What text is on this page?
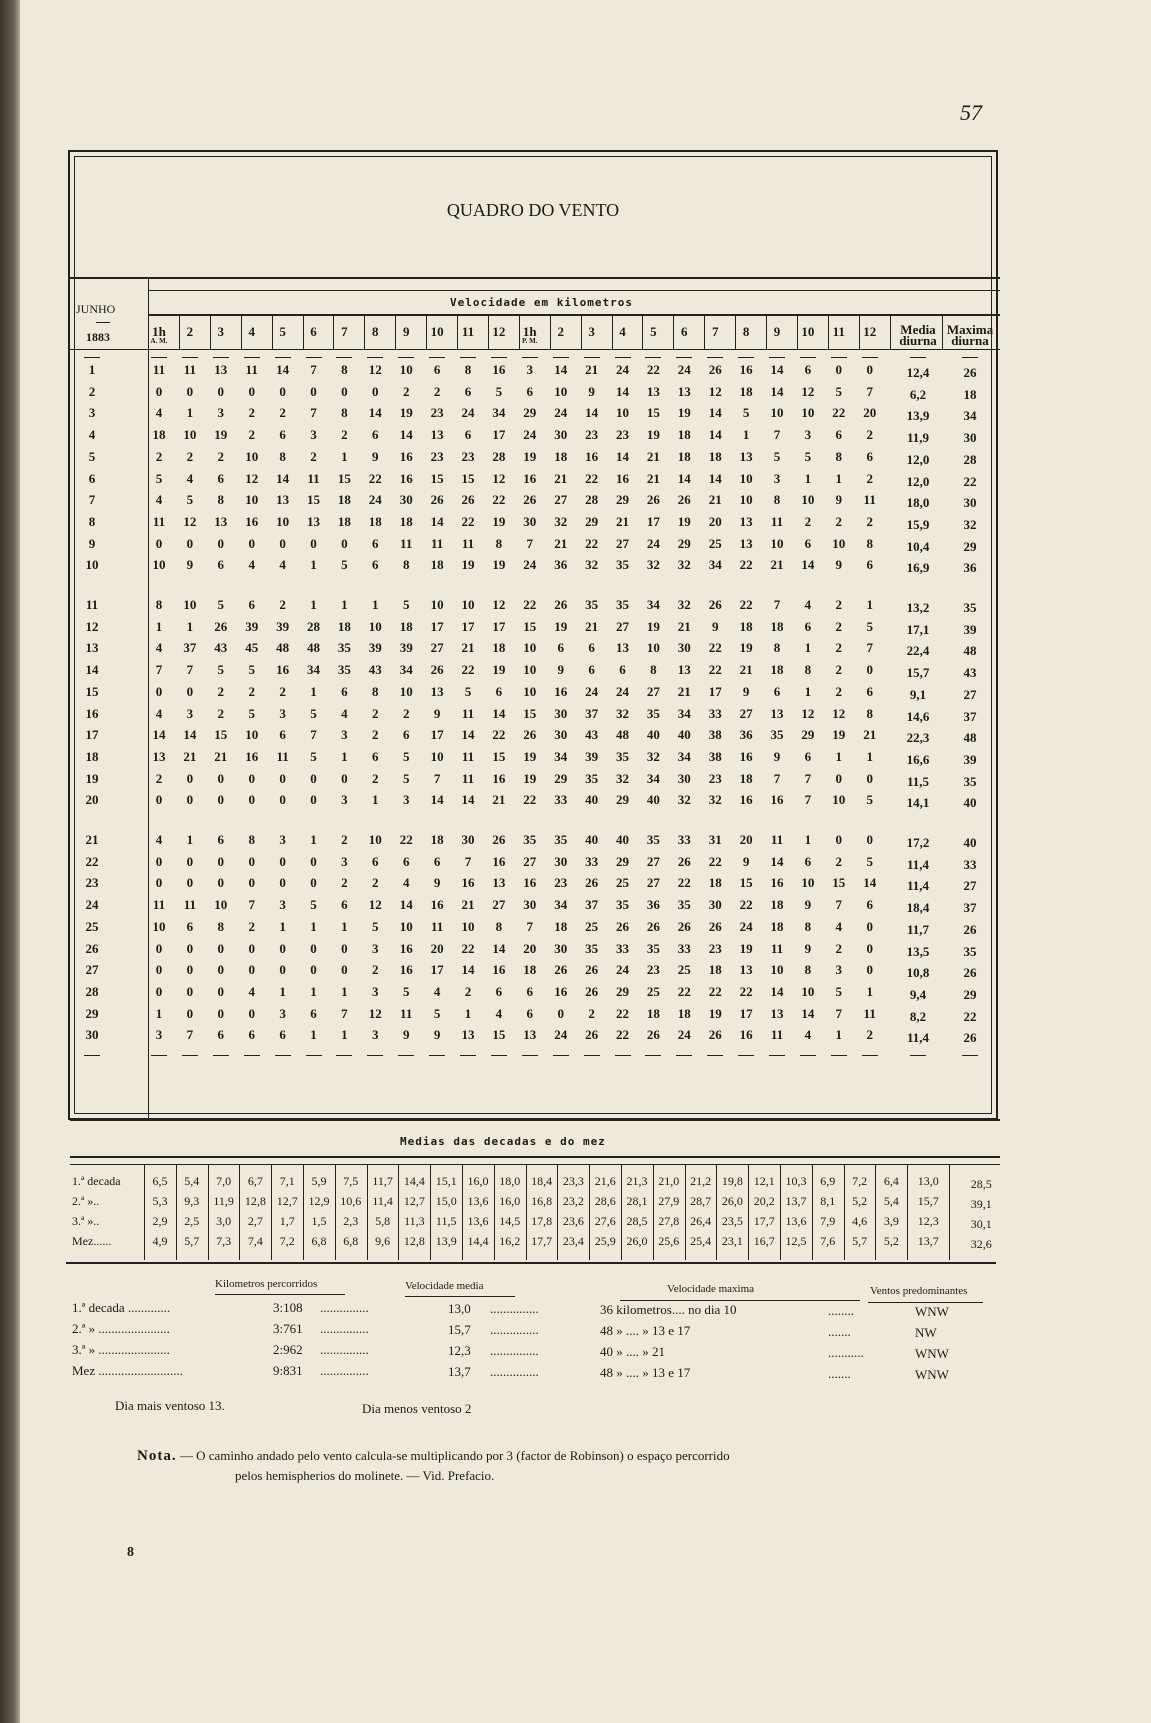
57
8
QUADRO DO VENTO
JUNHO
1883
Velocidade em kilometros
1h	2	3	4	5	6	7	8	9	10	11	12	1h	2	3	4	5	6	7	8	9	10	11	12
A. M.	P. M.
Media
diurna
Maxima
diurna
1	11	11	13	11	14	7	8	12	10	6	8	16	3	14	21	24	22	24	26	16	14	6	0	0	12,4	26
2	0	0	0	0	0	0	0	0	2	2	6	5	6	10	9	14	13	13	12	18	14	12	5	7	6,2	18
3	4	1	3	2	2	7	8	14	19	23	24	34	29	24	14	10	15	19	14	5	10	10	22	20	13,9	34
4	18	10	19	2	6	3	2	6	14	13	6	17	24	30	23	23	19	18	14	1	7	3	6	2	11,9	30
5	2	2	2	10	8	2	1	9	16	23	23	28	19	18	16	14	21	18	18	13	5	5	8	6	12,0	28
6	5	4	6	12	14	11	15	22	16	15	15	12	16	21	22	16	21	14	14	10	3	1	1	2	12,0	22
7	4	5	8	10	13	15	18	24	30	26	26	22	26	27	28	29	26	26	21	10	8	10	9	11	18,0	30
8	11	12	13	16	10	13	18	18	18	14	22	19	30	32	29	21	17	19	20	13	11	2	2	2	15,9	32
9	0	0	0	0	0	0	0	6	11	11	11	8	7	21	22	27	24	29	25	13	10	6	10	8	10,4	29
10	10	9	6	4	4	1	5	6	8	18	19	19	24	36	32	35	32	32	34	22	21	14	9	6	16,9	36
11	8	10	5	6	2	1	1	1	5	10	10	12	22	26	35	35	34	32	26	22	7	4	2	1	13,2	35
12	1	1	26	39	39	28	18	10	18	17	17	17	15	19	21	27	19	21	9	18	18	6	2	5	17,1	39
13	4	37	43	45	48	48	35	39	39	27	21	18	10	6	6	13	10	30	22	19	8	1	2	7	22,4	48
14	7	7	5	5	16	34	35	43	34	26	22	19	10	9	6	6	8	13	22	21	18	8	2	0	15,7	43
15	0	0	2	2	2	1	6	8	10	13	5	6	10	16	24	24	27	21	17	9	6	1	2	6	9,1	27
16	4	3	2	5	3	5	4	2	2	9	11	14	15	30	37	32	35	34	33	27	13	12	12	8	14,6	37
17	14	14	15	10	6	7	3	2	6	17	14	22	26	30	43	48	40	40	38	36	35	29	19	21	22,3	48
18	13	21	21	16	11	5	1	6	5	10	11	15	19	34	39	35	32	34	38	16	9	6	1	1	16,6	39
19	2	0	0	0	0	0	0	2	5	7	11	16	19	29	35	32	34	30	23	18	7	7	0	0	11,5	35
20	0	0	0	0	0	0	3	1	3	14	14	21	22	33	40	29	40	32	32	16	16	7	10	5	14,1	40
21	4	1	6	8	3	1	2	10	22	18	30	26	35	35	40	40	35	33	31	20	11	1	0	0	17,2	40
22	0	0	0	0	0	0	3	6	6	6	7	16	27	30	33	29	27	26	22	9	14	6	2	5	11,4	33
23	0	0	0	0	0	0	2	2	4	9	16	13	16	23	26	25	27	22	18	15	16	10	15	14	11,4	27
24	11	11	10	7	3	5	6	12	14	16	21	27	30	34	37	35	36	35	30	22	18	9	7	6	18,4	37
25	10	6	8	2	1	1	1	5	10	11	10	8	7	18	25	26	26	26	26	24	18	8	4	0	11,7	26
26	0	0	0	0	0	0	0	3	16	20	22	14	20	30	35	33	35	33	23	19	11	9	2	0	13,5	35
27	0	0	0	0	0	0	0	2	16	17	14	16	18	26	26	24	23	25	18	13	10	8	3	0	10,8	26
28	0	0	0	4	1	1	1	3	5	4	2	6	6	16	26	29	25	22	22	22	14	10	5	1	9,4	29
29	1	0	0	0	3	6	7	12	11	5	1	4	6	0	2	22	18	18	19	17	13	14	7	11	8,2	22
30	3	7	6	6	6	1	1	3	9	9	13	15	13	24	26	22	26	24	26	16	11	4	1	2	11,4	26
Medias das decadas e do mez
Dia mais ventoso 13.	Dia menos ventoso 2
Nota. — O caminho andado pelo vento calcula-se multiplicando por 3 (factor de Robinson) o espaço percorrido
pelos hemispherios do molinete. — Vid. Prefacio.
1.ª decada	6,5	5,4	7,0	6,7	7,1	5,9	7,5	11,7 14,4 15,1 16,0 18,0 18,4 23,3 21,6 21,3 21,0 21,2 19,8 12,1 10,3	6,9	7,2	6,4	13,0	28,5
2.ª »..	5,3	9,3	11,9 12,8 12,7 12,9 10,6 11,4 12,7 15,0 13,6 16,0 16,8 23,2 28,6 28,1 27,9 28,7 26,0 20,2 13,7	8,1	5,2	5,4	15,7	39,1
3.ª »..	2,9	2,5	3,0	2,7	1,7	1,5	2,3	5,8	11,3 11,5 13,6 14,5 17,8 23,6 27,6 28,5 27,8 26,4 23,5 17,7 13,6	7,9	4,6	3,9	12,3	30,1
Mez......	4,9	5,7	7,3	7,4	7,2	6,8	6,8	9,6	12,8 13,9 14,4 16,2 17,7 23,4 25,9 26,0 25,6 25,4 23,1 16,7 12,5	7,6	5,7	5,2	13,7	32,6
Kilometros percorridos	Velocidade media	Velocidade maxima	Ventos predominantes
1.ª decada .............	3:108 ...............	13,0 ...............	36 kilometros.... no dia 10	........	WNW
2.ª » ......................	3:761 ...............	15,7 ...............	48 » .... » 13 e 17	.......	NW
3.ª » ......................	2:962 ...............	12,3 ...............	40 » .... » 21	...........	WNW
Mez ..........................	9:831 ...............	13,7 ...............	48 » .... » 13 e 17	.......	WNW
